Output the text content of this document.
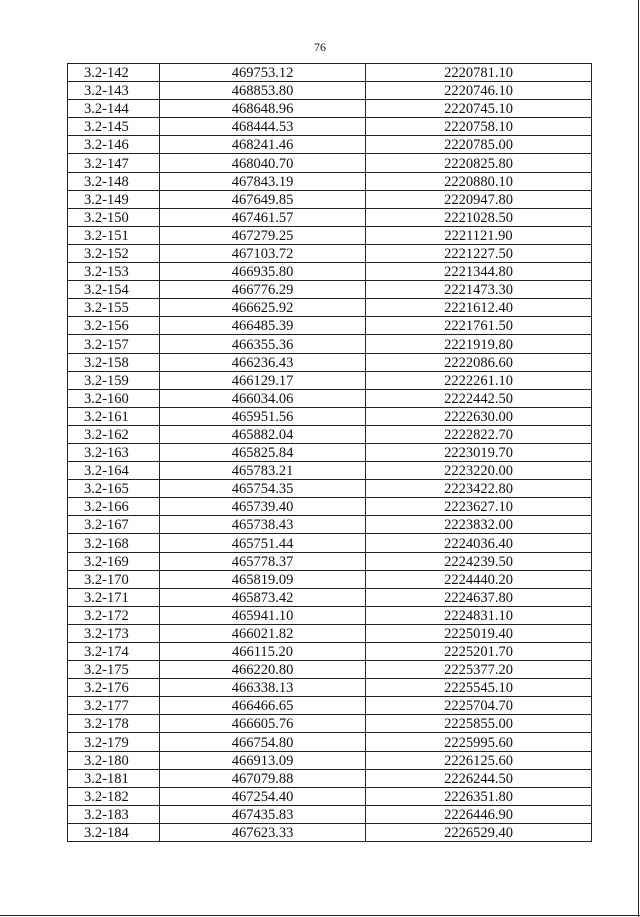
76
3.2-142	469753.12	2220781.10
3.2-143	468853.80	2220746.10
3.2-144	468648.96	2220745.10
3.2-145	468444.53	2220758.10
3.2-146	468241.46	2220785.00
3.2-147	468040.70	2220825.80
3.2-148	467843.19	2220880.10
3.2-149	467649.85	2220947.80
3.2-150	467461.57	2221028.50
3.2-151	467279.25	2221121.90
3.2-152	467103.72	2221227.50
3.2-153	466935.80	2221344.80
3.2-154	466776.29	2221473.30
3.2-155	466625.92	2221612.40
3.2-156	466485.39	2221761.50
3.2-157	466355.36	2221919.80
3.2-158	466236.43	2222086.60
3.2-159	466129.17	2222261.10
3.2-160	466034.06	2222442.50
3.2-161	465951.56	2222630.00
3.2-162	465882.04	2222822.70
3.2-163	465825.84	2223019.70
3.2-164	465783.21	2223220.00
3.2-165	465754.35	2223422.80
3.2-166	465739.40	2223627.10
3.2-167	465738.43	2223832.00
3.2-168	465751.44	2224036.40
3.2-169	465778.37	2224239.50
3.2-170	465819.09	2224440.20
3.2-171	465873.42	2224637.80
3.2-172	465941.10	2224831.10
3.2-173	466021.82	2225019.40
3.2-174	466115.20	2225201.70
3.2-175	466220.80	2225377.20
3.2-176	466338.13	2225545.10
3.2-177	466466.65	2225704.70
3.2-178	466605.76	2225855.00
3.2-179	466754.80	2225995.60
3.2-180	466913.09	2226125.60
3.2-181	467079.88	2226244.50
3.2-182	467254.40	2226351.80
3.2-183	467435.83	2226446.90
3.2-184	467623.33	2226529.40
